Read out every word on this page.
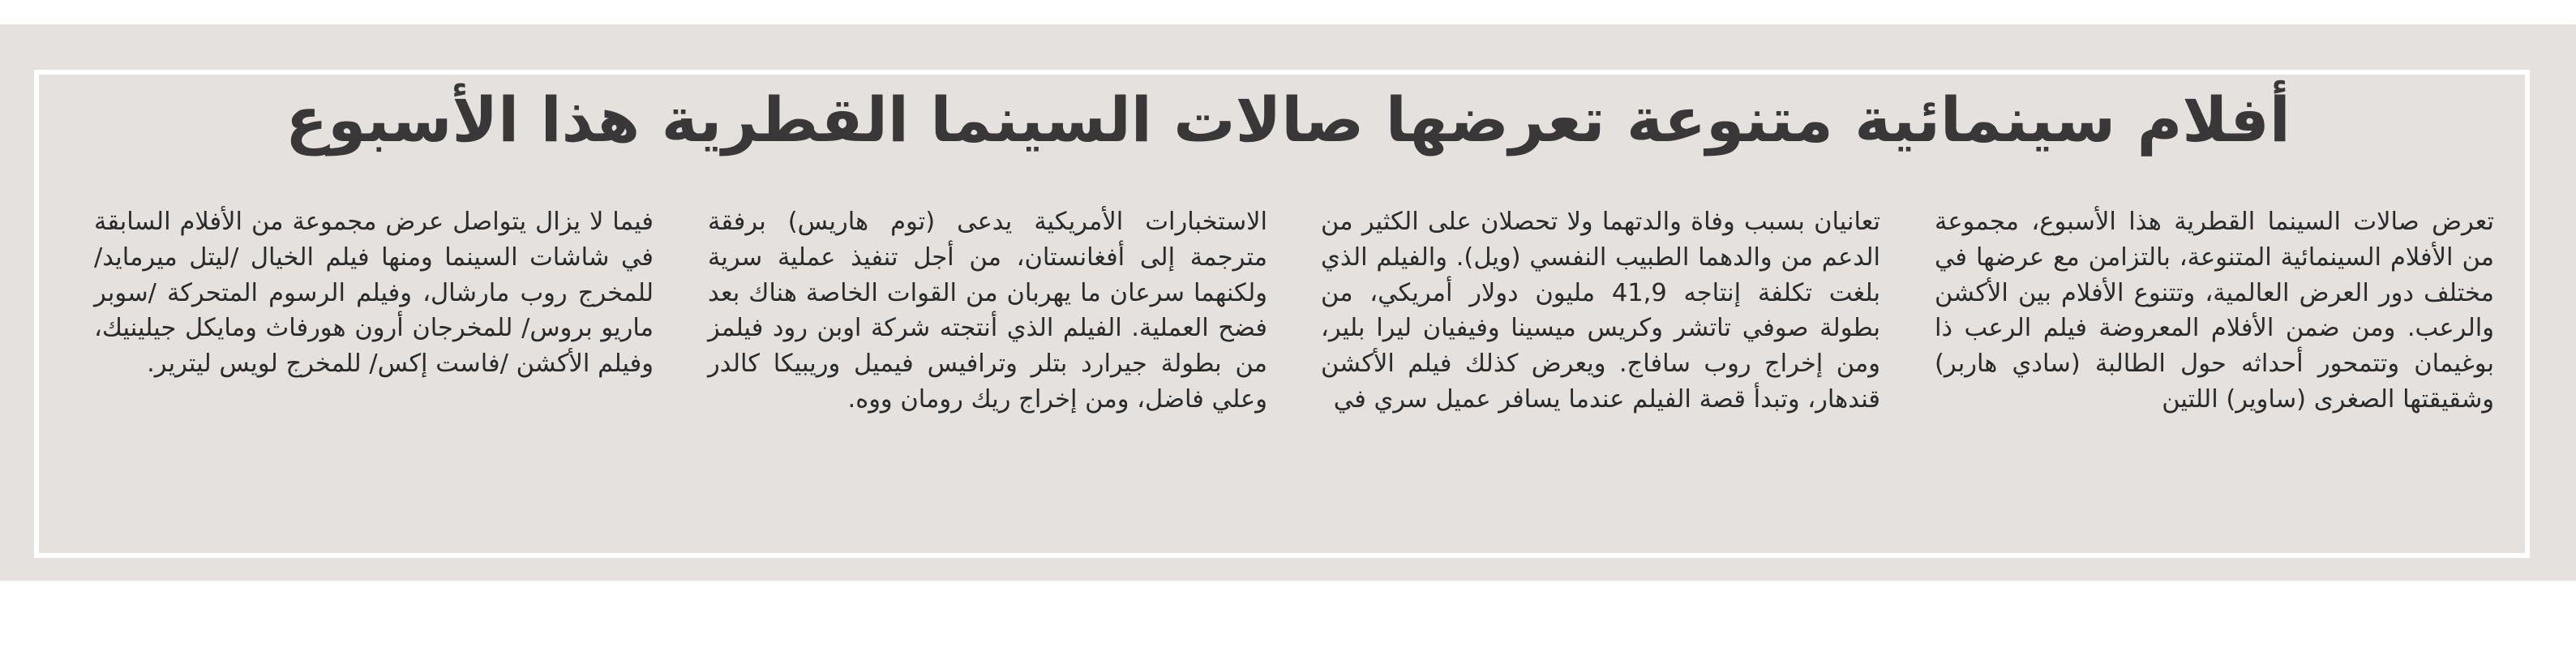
أفلام سينمائية متنوعة تعرضها صالات السينما القطرية هذا الأسبوع

تعرض صالات السينما القطرية هذا الأسبوع، مجموعة من الأفلام السينمائية المتنوعة، بالتزامن مع عرضها في مختلف دور العرض العالمية، وتتنوع الأفلام بين الأكشن والرعب. ومن ضمن الأفلام المعروضة فيلم الرعب ذا بوغيمان وتتمحور أحداثه حول الطالبة (سادي هاربر) وشقيقتها الصغرى (ساوير) اللتين

تعانيان بسبب وفاة والدتهما ولا تحصلان على الكثير من الدعم من والدهما الطبيب النفسي (ويل). والفيلم الذي بلغت تكلفة إنتاجه 41,9 مليون دولار أمريكي، من بطولة صوفي تاتشر وكريس ميسينا وفيفيان ليرا بلير، ومن إخراج روب سافاج. ويعرض كذلك فيلم الأكشن قندهار، وتبدأ قصة الفيلم عندما يسافر عميل سري في

الاستخبارات الأمريكية يدعى (توم هاريس) برفقة مترجمة إلى أفغانستان، من أجل تنفيذ عملية سرية ولكنهما سرعان ما يهربان من القوات الخاصة هناك بعد فضح العملية. الفيلم الذي أنتجته شركة اوبن رود فيلمز من بطولة جيرارد بتلر وترافيس فيميل وريبيكا كالدر وعلي فاضل، ومن إخراج ريك رومان ووه.

فيما لا يزال يتواصل عرض مجموعة من الأفلام السابقة في شاشات السينما ومنها فيلم الخيال /ليتل ميرمايد/ للمخرج روب مارشال، وفيلم الرسوم المتحركة /سوبر ماريو بروس/ للمخرجان أرون هورفاث ومايكل جيلينيك، وفيلم الأكشن /فاست إكس/ للمخرج لويس ليترير.
